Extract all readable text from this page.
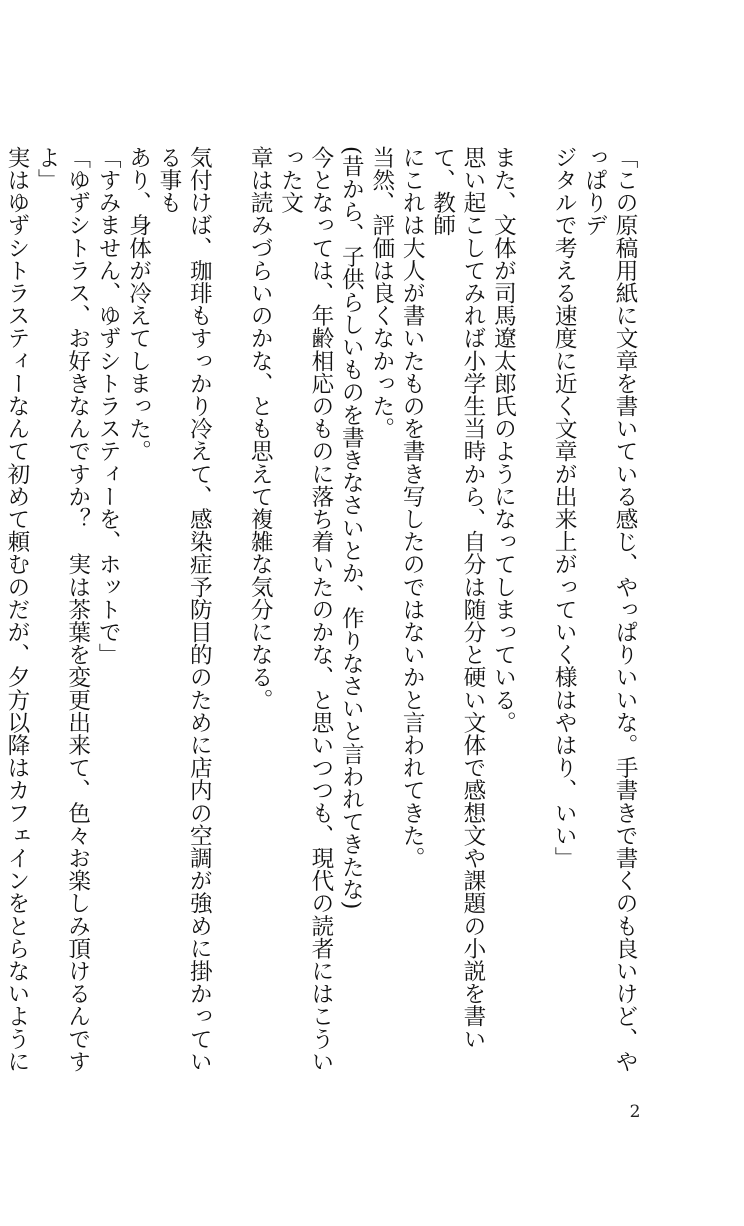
「この原稿用紙に文章を書いている感じ、やっぱりいいな。手書きで書くのも良いけど、やっぱりデ

ジタルで考える速度に近く文章が出来上がっていく様はやはり、いい」

また、文体が司馬遼太郎氏のようになってしまっている。

思い起こしてみれば小学生当時から、自分は随分と硬い文体で感想文や課題の小説を書いて、教師

にこれは大人が書いたものを書き写したのではないかと言われてきた。

当然、評価は良くなかった。

(昔から、子供らしいものを書きなさいとか、作りなさいと言われてきたな)

今となっては、年齢相応のものに落ち着いたのかな、と思いつつも、現代の読者にはこういった文

章は読みづらいのかな、とも思えて複雑な気分になる。

気付けば、珈琲もすっかり冷えて、感染症予防目的のために店内の空調が強めに掛かっている事も

あり、身体が冷えてしまった。

「すみません、ゆずシトラスティーを、ホットで」

「ゆずシトラス、お好きなんですか？　実は茶葉を変更出来て、色々お楽しみ頂けるんですよ」

実はゆずシトラスティーなんて初めて頼むのだが、夕方以降はカフェインをとらないように

2
